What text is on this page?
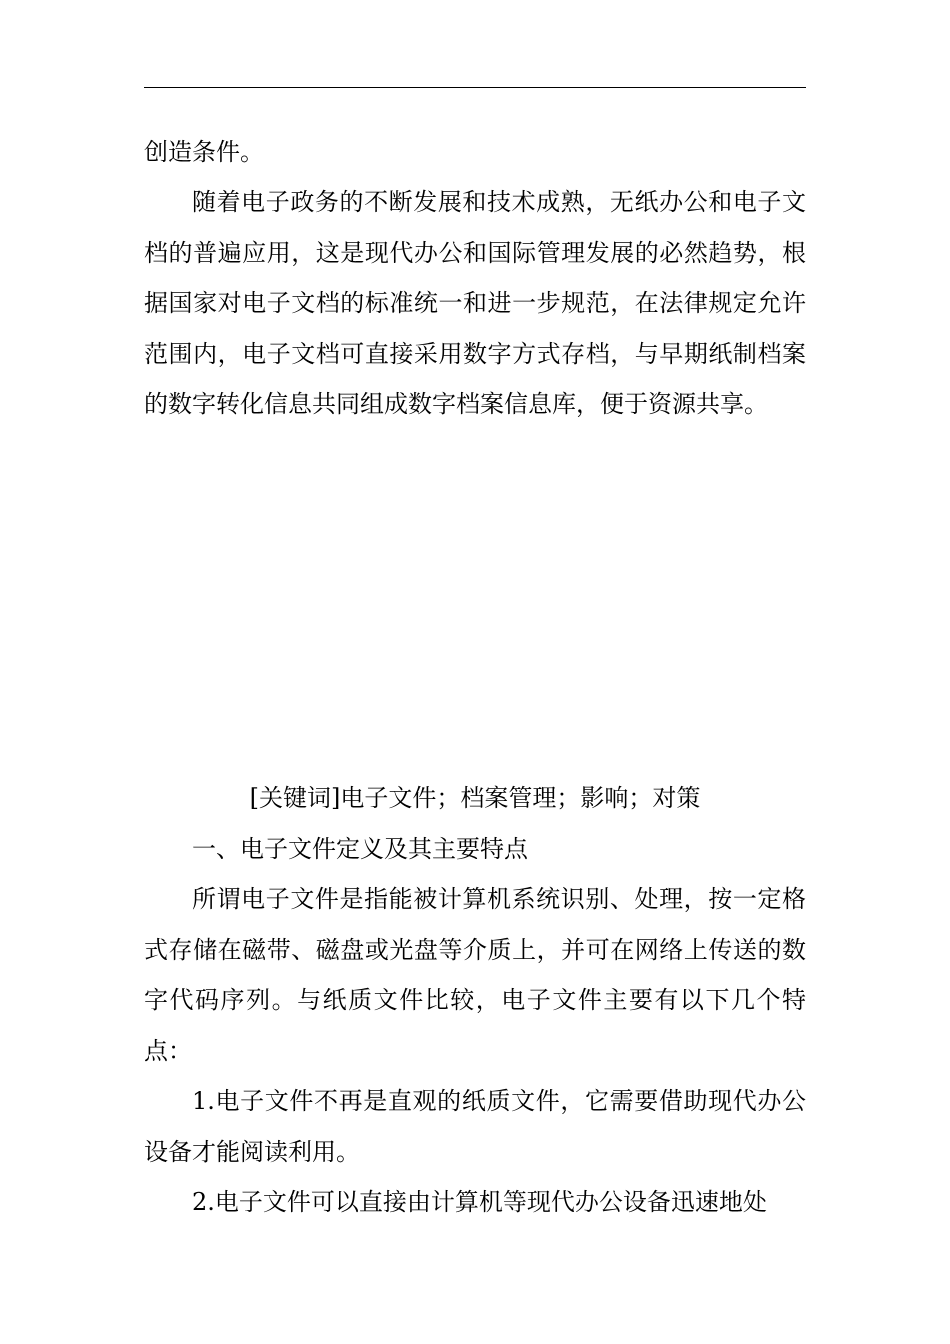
创造条件。

随着电子政务的不断发展和技术成熟，无纸办公和电子文档的普遍应用，这是现代办公和国际管理发展的必然趋势，根据国家对电子文档的标准统一和进一步规范，在法律规定允许范围内，电子文档可直接采用数字方式存档，与早期纸制档案的数字转化信息共同组成数字档案信息库，便于资源共享。

[关键词]电子文件；档案管理；影响；对策

一、电子文件定义及其主要特点

所谓电子文件是指能被计算机系统识别、处理，按一定格式存储在磁带、磁盘或光盘等介质上，并可在网络上传送的数字代码序列。与纸质文件比较，电子文件主要有以下几个特点：

1.电子文件不再是直观的纸质文件，它需要借助现代办公设备才能阅读利用。

2.电子文件可以直接由计算机等现代办公设备迅速地处
